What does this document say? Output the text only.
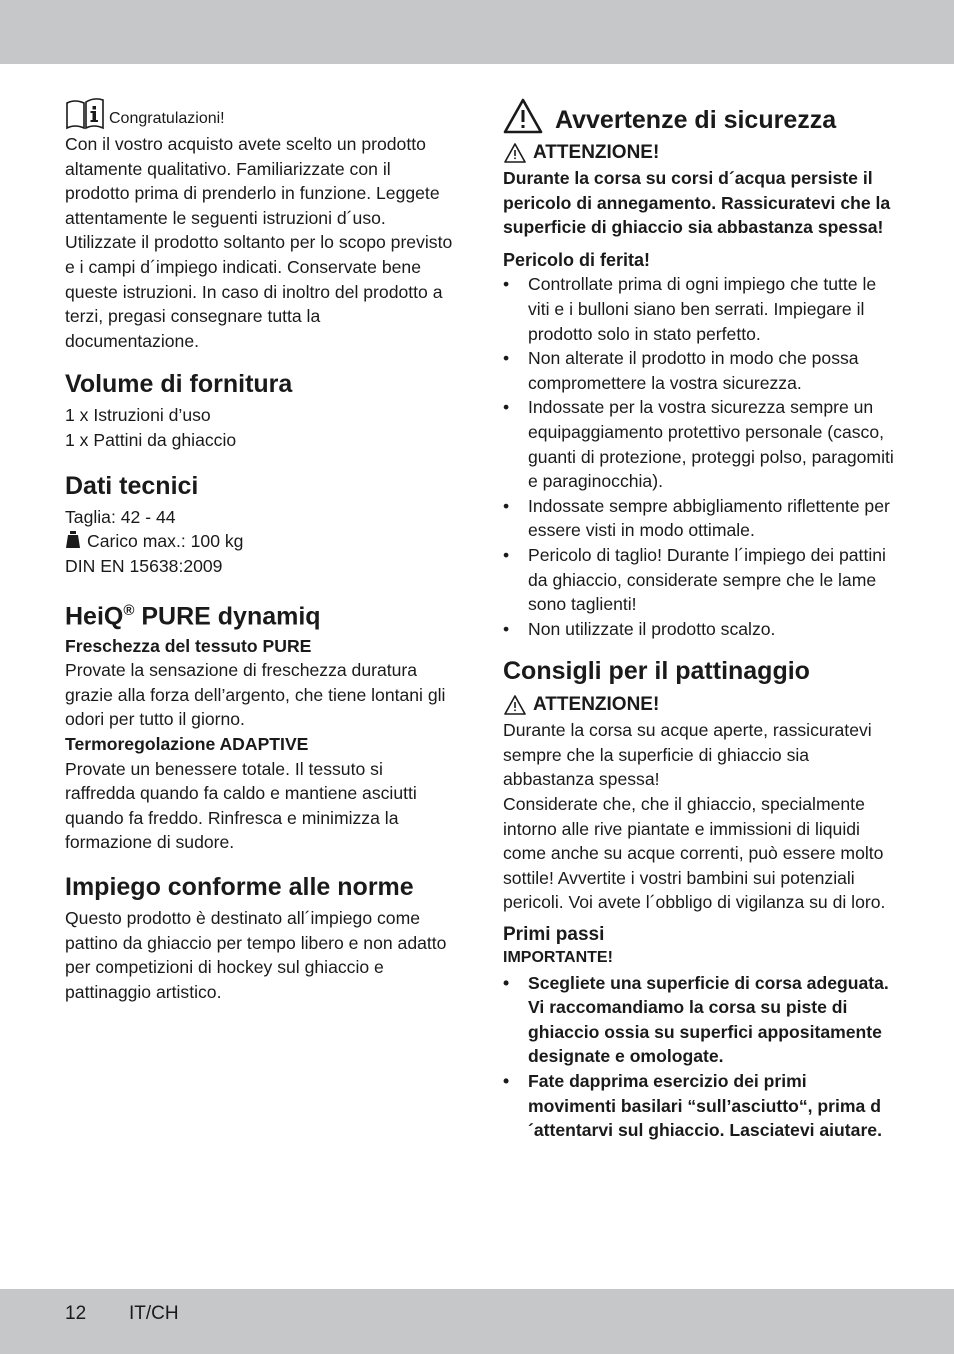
Congratulazioni!

Con il vostro acquisto avete scelto un prodotto altamente qualitativo. Familiarizzate con il prodotto prima di prenderlo in funzione. Leggete attentamente le seguenti istruzioni d´uso. Utilizzate il prodotto soltanto per lo scopo previsto e i campi d´impiego indicati. Conservate bene queste istruzioni. In caso di inoltro del prodotto a terzi, pregasi consegnare tutta la documentazione.

Volume di fornitura

1 x Istruzioni d’uso

1 x Pattini da ghiaccio

Dati tecnici

Taglia: 42 - 44

Carico max.: 100 kg

DIN EN 15638:2009

HeiQ® PURE dynamiq

Freschezza del tessuto PURE

Provate la sensazione di freschezza duratura grazie alla forza dell’argento, che tiene lontani gli odori per tutto il giorno.

Termoregolazione ADAPTIVE

Provate un benessere totale. Il tessuto si raffredda quando fa caldo e mantiene asciutti quando fa freddo. Rinfresca e minimizza la formazione di sudore.

Impiego conforme alle norme

Questo prodotto è destinato all´impiego come pattino da ghiaccio per tempo libero e non adatto per competizioni di hockey sul ghiaccio e pattinaggio artistico.

Avvertenze di sicurezza
ATTENZIONE!

Durante la corsa su corsi d´acqua persiste il pericolo di annegamento. Rassicuratevi che la superficie di ghiaccio sia abbastanza spessa!

Pericolo di ferita!
• Controllate prima di ogni impiego che tutte le viti e i bulloni siano ben serrati. Impiegare il prodotto solo in stato perfetto.
• Non alterate il prodotto in modo che possa compromettere la vostra sicurezza.
• Indossate per la vostra sicurezza sempre un equipaggiamento protettivo personale (casco, guanti di protezione, proteggi polso, paragomiti e paraginocchia).
• Indossate sempre abbigliamento riflettente per essere visti in modo ottimale.
• Pericolo di taglio! Durante l´impiego dei pattini da ghiaccio, considerate sempre che le lame sono taglienti!
• Non utilizzate il prodotto scalzo.
Consigli per il pattinaggio
ATTENZIONE!

Durante la corsa su acque aperte, rassicuratevi sempre che la superficie di ghiaccio sia abbastanza spessa!

Considerate che, che il ghiaccio, specialmente intorno alle rive piantate e immissioni di liquidi come anche su acque correnti, può essere molto sottile! Avvertite i vostri bambini sui potenziali pericoli. Voi avete l´obbligo di vigilanza su di loro.

Primi passi

IMPORTANTE!

• Scegliete una superficie di corsa adeguata. Vi raccomandiamo la corsa su piste di ghiaccio ossia su superfici appositamente designate e omologate.
• Fate dapprima esercizio dei primi movimenti basilari “sull’asciutto“, prima d´attentarvi sul ghiaccio. Lasciatevi aiutare.
12 IT/CH
